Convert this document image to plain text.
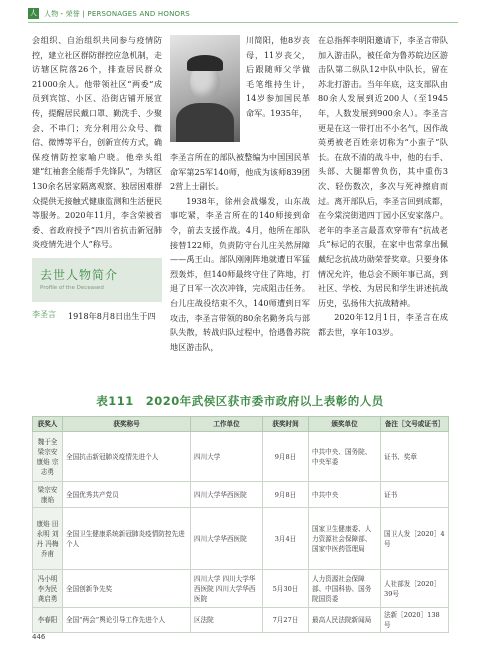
人 人物・荣誉 | PERSONAGES AND HONORS

会组织、自治组织共同参与疫情防控，建立社区群防群控应急机制，走访辖区院落26个，排查居民群众21000余人。他带领社区“两委”成员到宾馆、小区、沿街店铺开展宣传，提醒居民戴口罩、勤洗手、少聚会、不串门；充分利用公众号、微信、微博等平台，创新宣传方式，确保疫情防控家喻户晓。他牵头组建“红袖套全能帮手先锋队”，为辖区130余名居家隔离观察、独居困难群众提供无接触式健康监测和生活便民等服务。2020年11月，李含荣被省委、省政府授予“四川省抗击新冠肺炎疫情先进个人”称号。

川简阳，他8岁丧母，11岁丧父，后跟随师父学做毛笔维持生计，14岁参加国民革命军。1935年，

李圣言所在的部队被整编为中国国民革命军第25军140师，他成为该师839团2营上士副长。

1938年，徐州会战爆发，山东战事吃紧，李圣言所在的140师接到命令，前去支援作战。4月，他所在部队接替122师，负责防守台儿庄关然屏障——禹王山。部队刚刚阵地就遭日军猛烈轰炸，但140师最终守住了阵地，打退了日军一次次冲锋，完成阻击任务。台儿庄战役结束不久，140师遭到日军攻击，李圣言带领的80余名勤务兵与部队失散，转战归队过程中，恰遇鲁苏院地区游击队，

在总指挥李明阳邀请下，李圣言带队加入游击队，被任命为鲁苏皖边区游击队第二纵队12中队中队长，留在苏北打游击。当年年底，这支部队由80余人发展到近200人（至1945年，人数发展到900余人）。李圣言更是在这一带打出不小名气，因作战英勇被老百姓亲切称为“小蛮子”队长。在敌不清的战斗中，他的右手、头部、大腿都曾负伤，其中重伤3次、轻伤数次，多次与死神擦肩而过。离开部队后，李圣言回到成都，在今棠浣街道四丁园小区安家落户。老年的李圣言最喜欢穿带有“抗战老兵”标记的衣服，在家中也常拿出佩戴纪念抗战功勋荣誉奖章。只要身体情况允许，他总会不顾年事已高，到社区、学校、为居民和学生讲述抗战历史，弘扬伟大抗战精神。

2020年12月1日，李圣言在成都去世，享年103岁。

去世人物简介
Profile of the Deceased
李圣言 1918年8月8日出生于四
表111　2020年武侯区获市委市政府以上表彰的人员
获奖人	获奖称号	工作单位	获奖时间	颁奖单位	备注［文号或证书］
魏于全 梁宗安 康焰 宗志勇	全国抗击新冠肺炎疫情先进个人	四川大学	9月8日	中共中央、国务院、中央军委	证书、奖章
梁宗安 康焰	全国优秀共产党员	四川大学华西医院	9月8日	中共中央	证书
康焰 田永明 刘丹 冯梅 乔甫	全国卫生健康系统新冠肺炎疫情防控先进个人	四川大学华西医院	3月4日	国家卫生健康委、人力资源社会保障部、国家中医药管理局	国卫人发［2020］4号
冯小明 李为民 龚启勇	全国创新争先奖	四川大学 四川大学华西医院 四川大学华西医院	5月30日	人力资源社会保障部、中国科协、国务院国资委	人社部发［2020］39号
李春阳	全国“两会”舆论引导工作先进个人	区法院	7月27日	最高人民法院新闻局	法新［2020］138号
446
